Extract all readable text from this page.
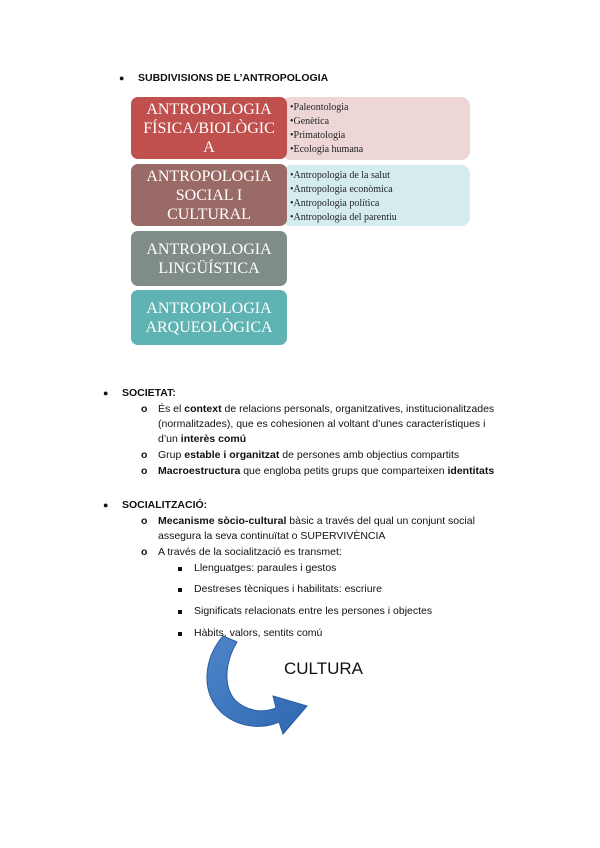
● SUBDIVISIONS DE L’ANTROPOLOGIA
•Paleontologia
•Genètica
•Primatologia
•Ecologia humana
•Antropologia de la salut
•Antropologia econòmica
•Antropologia política
•Antropologia del parentiu
ANTROPOLOGIA
FÍSICA/BIOLÒGIC
A
ANTROPOLOGIA
SOCIAL I
CULTURAL
ANTROPOLOGIA
LINGÜÍSTICA
ANTROPOLOGIA
ARQUEOLÒGICA
● SOCIETAT:
o És el context de relacions personals, organitzatives, institucionalitzades
(normalitzades), que es cohesionen al voltant d’unes característiques i
d’un interès comú
o Grup estable i organitzat de persones amb objectius compartits
o Macroestructura que engloba petits grups que comparteixen identitats
● SOCIALITZACIÓ:
o Mecanisme sòcio-cultural bàsic a través del qual un conjunt social
assegura la seva continuïtat o SUPERVIVÈNCIA
o A través de la socialització es transmet:
Llenguatges: paraules i gestos
Destreses tècniques i habilitats: escriure
Significats relacionats entre les persones i objectes
Hàbits, valors, sentits comú
CULTURA
